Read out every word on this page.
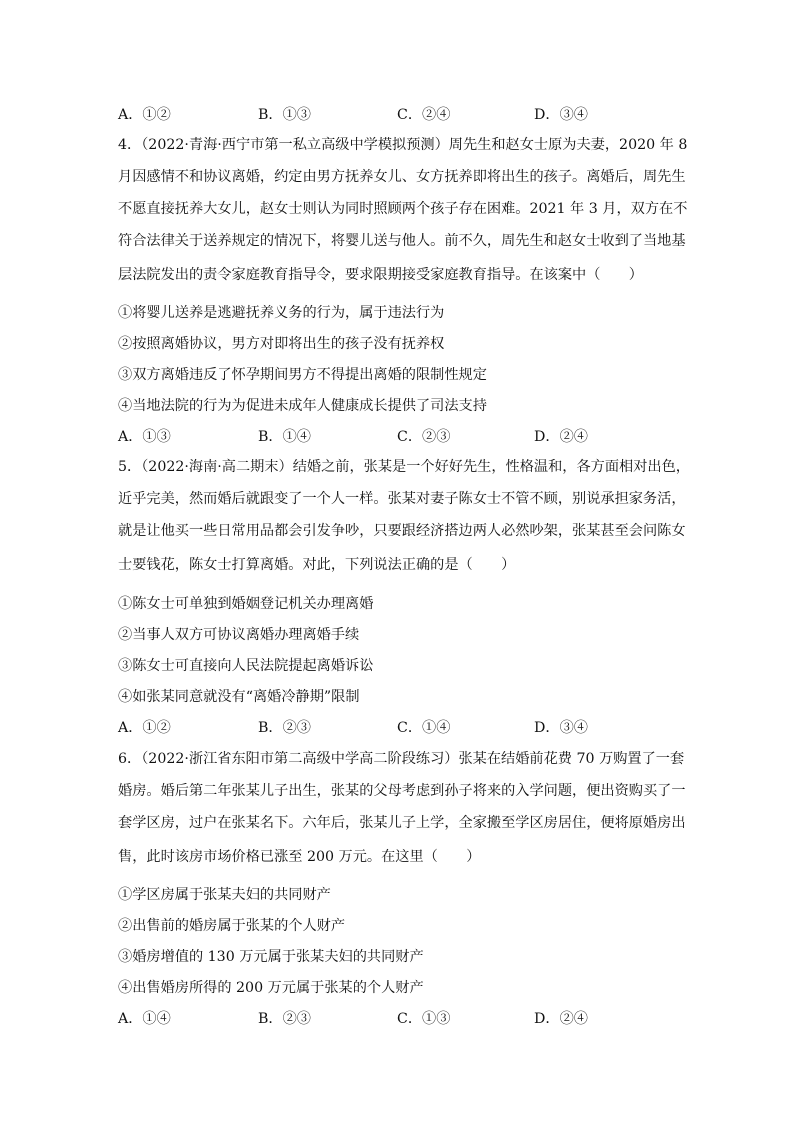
A．①②	B．①③	C．②④	D．③④
4．（2022·青海·西宁市第一私立高级中学模拟预测）周先生和赵女士原为夫妻，2020 年 8
月因感情不和协议离婚，约定由男方抚养女儿、女方抚养即将出生的孩子。离婚后，周先生
不愿直接抚养大女儿，赵女士则认为同时照顾两个孩子存在困难。2021 年 3 月，双方在不
符合法律关于送养规定的情况下，将婴儿送与他人。前不久，周先生和赵女士收到了当地基
层法院发出的责令家庭教育指导令，要求限期接受家庭教育指导。在该案中（　　）
①将婴儿送养是逃避抚养义务的行为，属于违法行为
②按照离婚协议，男方对即将出生的孩子没有抚养权
③双方离婚违反了怀孕期间男方不得提出离婚的限制性规定
④当地法院的行为为促进未成年人健康成长提供了司法支持
A．①③	B．①④	C．②③	D．②④
5．（2022·海南·高二期末）结婚之前，张某是一个好好先生，性格温和，各方面相对出色，
近乎完美，然而婚后就跟变了一个人一样。张某对妻子陈女士不管不顾，别说承担家务活，
就是让他买一些日常用品都会引发争吵，只要跟经济搭边两人必然吵架，张某甚至会问陈女
士要钱花，陈女士打算离婚。对此，下列说法正确的是（　　）
①陈女士可单独到婚姻登记机关办理离婚
②当事人双方可协议离婚办理离婚手续
③陈女士可直接向人民法院提起离婚诉讼
④如张某同意就没有“离婚冷静期”限制
A．①②	B．②③	C．①④	D．③④
6．（2022·浙江省东阳市第二高级中学高二阶段练习）张某在结婚前花费 70 万购置了一套
婚房。婚后第二年张某儿子出生，张某的父母考虑到孙子将来的入学问题，便出资购买了一
套学区房，过户在张某名下。六年后，张某儿子上学，全家搬至学区房居住，便将原婚房出
售，此时该房市场价格已涨至 200 万元。在这里（　　）
①学区房属于张某夫妇的共同财产
②出售前的婚房属于张某的个人财产
③婚房增值的 130 万元属于张某夫妇的共同财产
④出售婚房所得的 200 万元属于张某的个人财产
A．①④	B．②③	C．①③	D．②④
